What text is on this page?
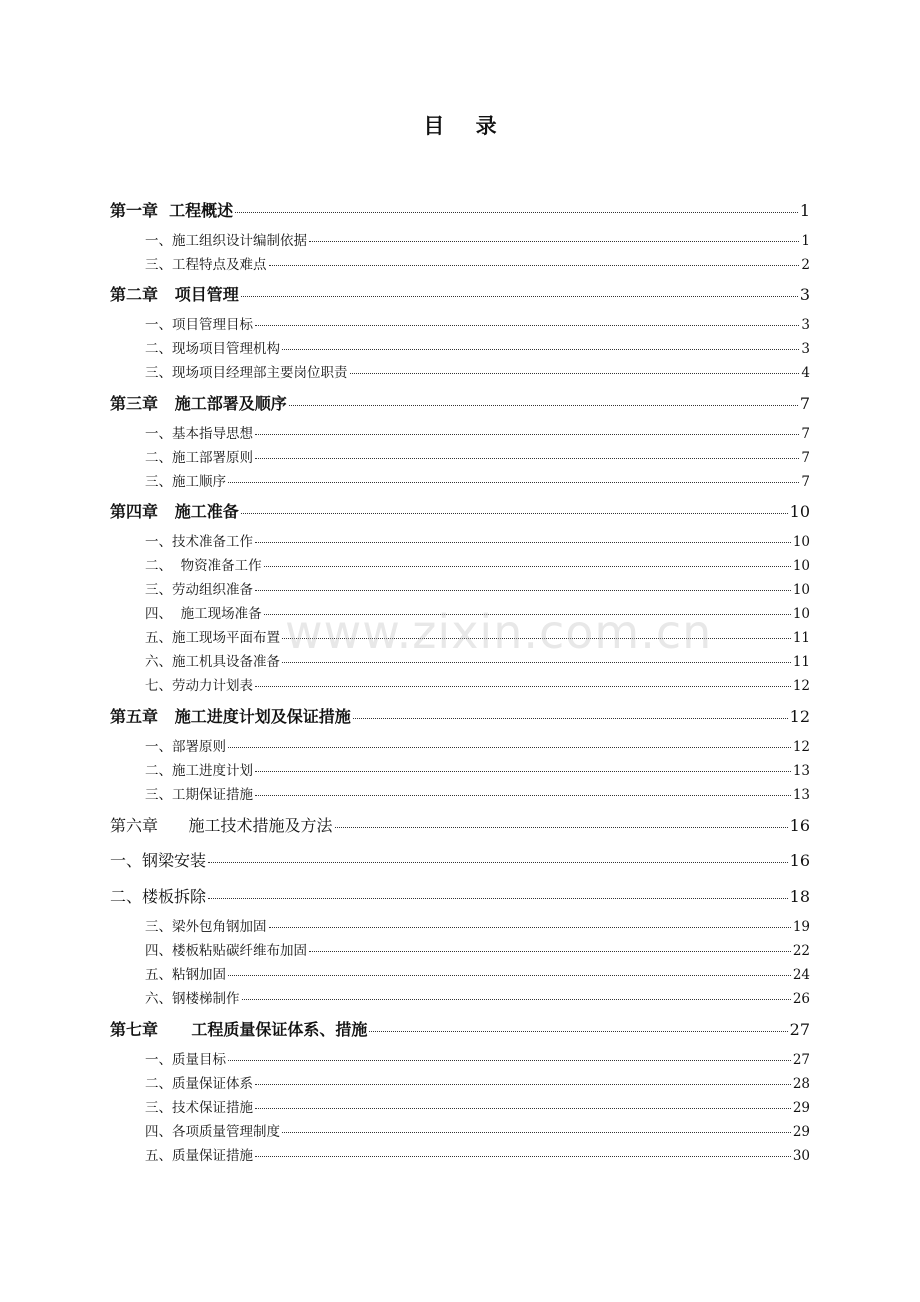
目 录
第一章  工程概述	1
一、施工组织设计编制依据	1
三、工程特点及难点	2
第二章   项目管理	3
一、项目管理目标	3
二、现场项目管理机构	3
三、现场项目经理部主要岗位职责	4
第三章   施工部署及顺序	7
一、基本指导思想	7
二、施工部署原则	7
三、施工顺序	7
第四章   施工准备	10
一、技术准备工作	10
二、  物资准备工作	10
三、劳动组织准备	10
四、  施工现场准备	10
五、施工现场平面布置	11
六、施工机具设备准备	11
七、劳动力计划表	12
第五章   施工进度计划及保证措施	12
一、部署原则	12
二、施工进度计划	13
三、工期保证措施	13
第六章      施工技术措施及方法	16
一、钢梁安装	16
二、楼板拆除	18
三、梁外包角钢加固	19
四、楼板粘贴碳纤维布加固	22
五、粘钢加固	24
六、钢楼梯制作	26
第七章      工程质量保证体系、措施	27
一、质量目标	27
二、质量保证体系	28
三、技术保证措施	29
四、各项质量管理制度	29
五、质量保证措施	30
www.zixin.com.cn
